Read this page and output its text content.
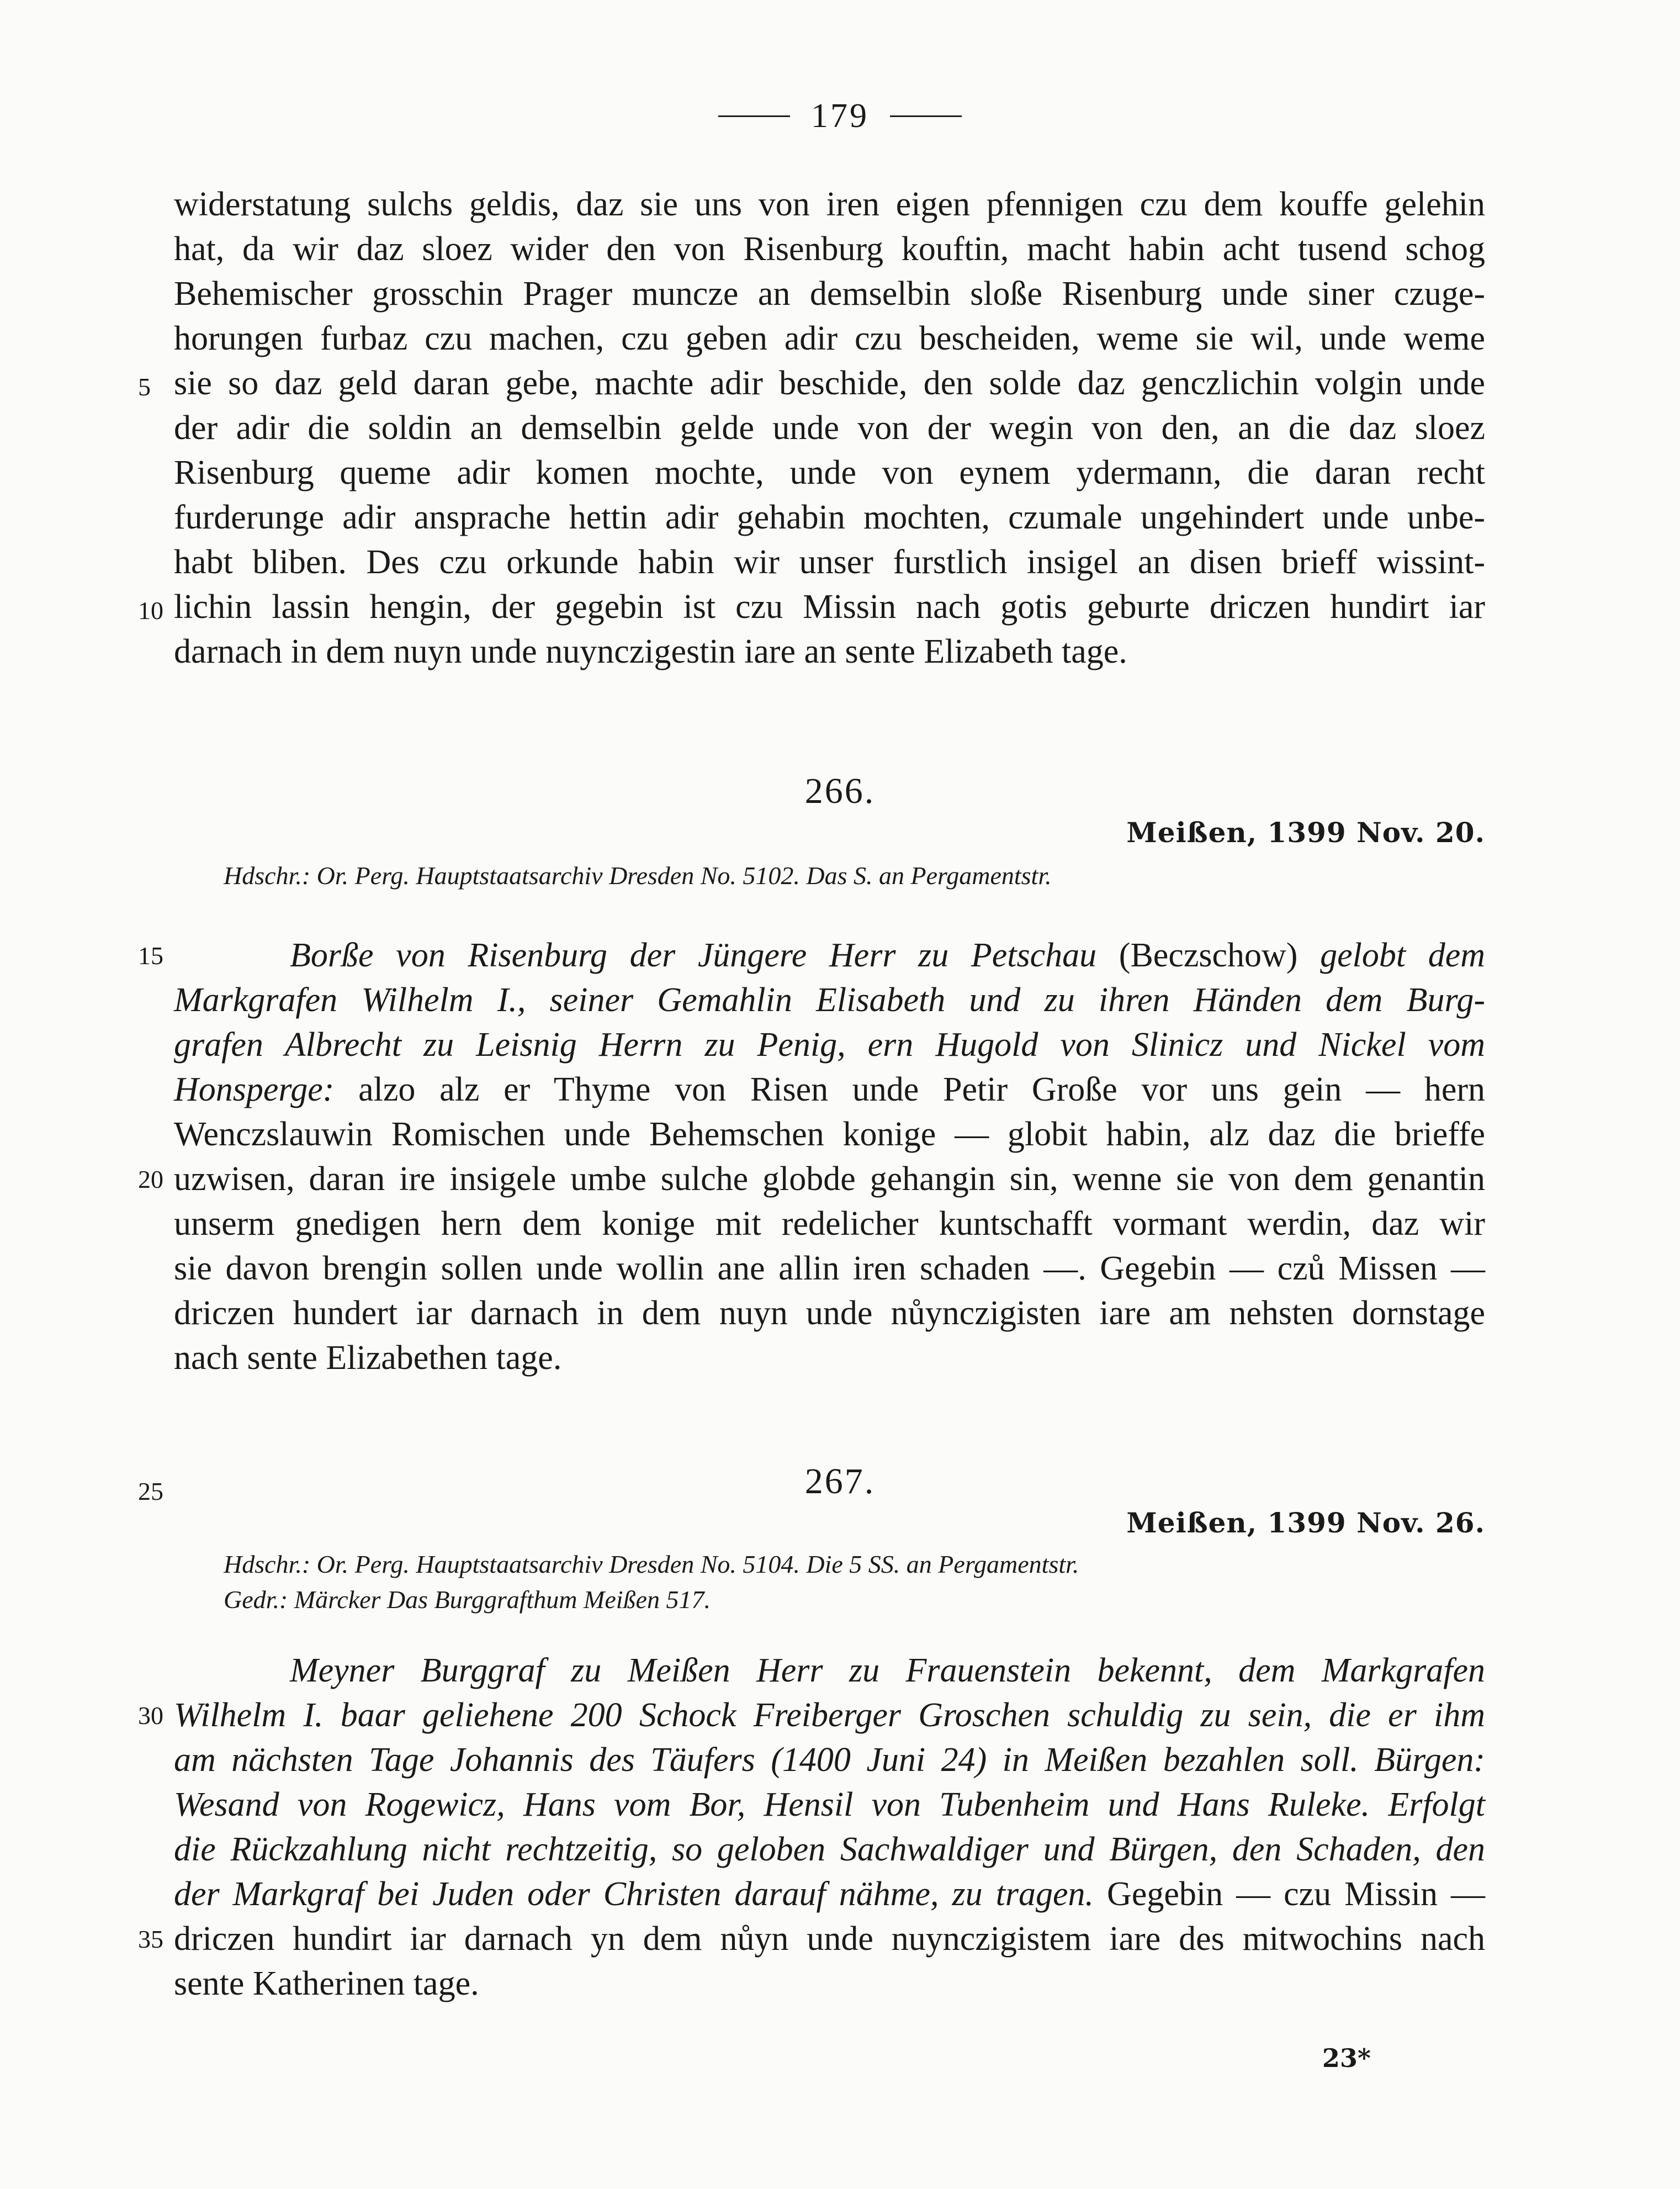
179
widerstatung sulchs geldis, daz sie uns von iren eigen pfennigen czu dem kouffe gelehin
hat, da wir daz sloez wider den von Risenburg kouftin, macht habin acht tusend schog
Behemischer grosschin Prager muncze an demselbin sloße Risenburg unde siner czuge-
horungen furbaz czu machen, czu geben adir czu bescheiden, weme sie wil, unde weme
sie so daz geld daran gebe, machte adir beschide, den solde daz genczlichin volgin unde
der adir die soldin an demselbin gelde unde von der wegin von den, an die daz sloez
Risenburg queme adir komen mochte, unde von eynem ydermann, die daran recht
furderunge adir ansprache hettin adir gehabin mochten, czumale ungehindert unde unbe-
habt bliben. Des czu orkunde habin wir unser furstlich insigel an disen brieff wissint-
lichin lassin hengin, der gegebin ist czu Missin nach gotis geburte driczen hundirt iar
darnach in dem nuyn unde nuynczigestin iare an sente Elizabeth tage.
5
10
266.
Meißen, 1399 Nov. 20.
Hdschr.: Or. Perg. Hauptstaatsarchiv Dresden No. 5102. Das S. an Pergamentstr.
Borße von Risenburg der Jüngere Herr zu Petschau (Beczschow) gelobt dem
Markgrafen Wilhelm I., seiner Gemahlin Elisabeth und zu ihren Händen dem Burg-
grafen Albrecht zu Leisnig Herrn zu Penig, ern Hugold von Slinicz und Nickel vom
Honsperge: alzo alz er Thyme von Risen unde Petir Große vor uns gein — hern
Wenczslauwin Romischen unde Behemschen konige — globit habin, alz daz die brieffe
uzwisen, daran ire insigele umbe sulche globde gehangin sin, wenne sie von dem genantin
unserm gnedigen hern dem konige mit redelicher kuntschafft vormant werdin, daz wir
sie davon brengin sollen unde wollin ane allin iren schaden —. Gegebin — czů Missen —
driczen hundert iar darnach in dem nuyn unde nůynczigisten iare am nehsten dornstage
nach sente Elizabethen tage.
15
20
25	267.
Meißen, 1399 Nov. 26.
Hdschr.: Or. Perg. Hauptstaatsarchiv Dresden No. 5104. Die 5 SS. an Pergamentstr.
Gedr.: Märcker Das Burggrafthum Meißen 517.
Meyner Burggraf zu Meißen Herr zu Frauenstein bekennt, dem Markgrafen
Wilhelm I. baar geliehene 200 Schock Freiberger Groschen schuldig zu sein, die er ihm
am nächsten Tage Johannis des Täufers (1400 Juni 24) in Meißen bezahlen soll. Bürgen:
Wesand von Rogewicz, Hans vom Bor, Hensil von Tubenheim und Hans Ruleke. Erfolgt
die Rückzahlung nicht rechtzeitig, so geloben Sachwaldiger und Bürgen, den Schaden, den
der Markgraf bei Juden oder Christen darauf nähme, zu tragen. Gegebin — czu Missin —
driczen hundirt iar darnach yn dem nůyn unde nuynczigistem iare des mitwochins nach
sente Katherinen tage.
30
35
23*
